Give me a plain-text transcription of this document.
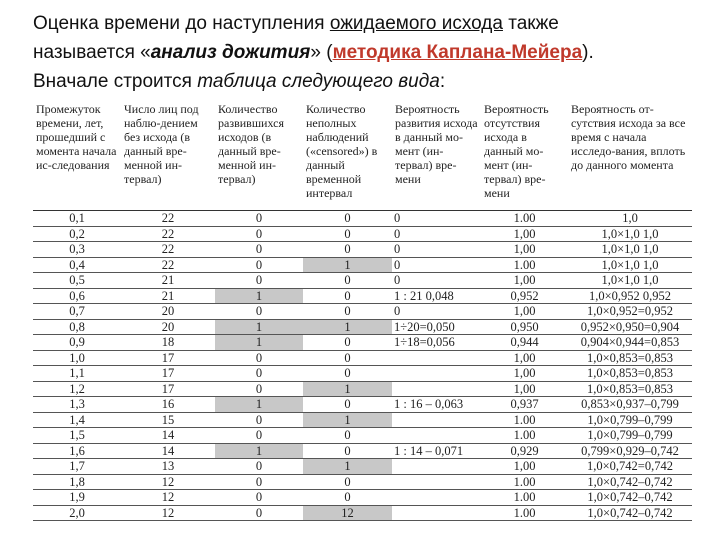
Оценка времени до наступления ожидаемого исхода также
называется «анализ дожития» (методика Каплана-Мейера).
Вначале строится таблица следующего вида:
Промежуток времени, лет, прошедший с момента начала ис-следования	Число лиц под наблю-дением без исхода (в данный вре-менной ин-тервал)	Количество развившихся исходов (в данный вре-менной ин-тервал)	Количество неполных наблюдений («censored») в данный временной интервал	Вероятность развития исхода в данный мо-мент (ин-тервал) вре-мени	Вероятность отсутствия исхода в данный мо-мент (ин-тервал) вре-мени	Вероятность от-сутствия исхода за все время с начала исследо-вания, вплоть до данного момента
0,1	22	0	0	0	1.00	1,0
0,2	22	0	0	0	1,00	1,0×1,0 1,0
0,3	22	0	0	0	1,00	1,0×1,0 1,0
0,4	22	0	1	0	1.00	1,0×1,0 1,0
0,5	21	0	0	0	1,00	1,0×1,0 1,0
0,6	21	1	0	1 : 21 0,048	0,952	1,0×0,952 0,952
0,7	20	0	0	0	1,00	1,0×0,952=0,952
0,8	20	1	1	1÷20=0,050	0,950	0,952×0,950=0,904
0,9	18	1	0	1÷18=0,056	0,944	0,904×0,944=0,853
1,0	17	0	0		1,00	1,0×0,853=0,853
1,1	17	0	0		1,00	1,0×0,853=0,853
1,2	17	0	1		1,00	1,0×0,853=0,853
1,3	16	1	0	1 : 16 – 0,063	0,937	0,853×0,937–0,799
1,4	15	0	1		1.00	1,0×0,799–0,799
1,5	14	0	0		1.00	1,0×0,799–0,799
1,6	14	1	0	1 : 14 – 0,071	0,929	0,799×0,929–0,742
1,7	13	0	1		1,00	1,0×0,742=0,742
1,8	12	0	0		1.00	1,0×0,742–0,742
1,9	12	0	0		1.00	1,0×0,742–0,742
2,0	12	0	12		1.00	1,0×0,742–0,742
